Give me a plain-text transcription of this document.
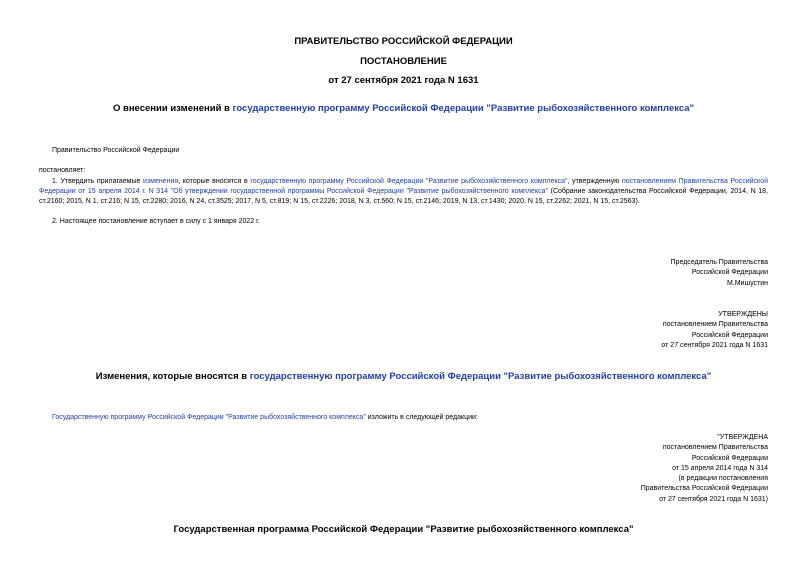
ПРАВИТЕЛЬСТВО РОССИЙСКОЙ ФЕДЕРАЦИИ
ПОСТАНОВЛЕНИЕ
от 27 сентября 2021 года N 1631
О внесении изменений в государственную программу Российской Федерации "Развитие рыбохозяйственного комплекса"
Правительство Российской Федерации
постановляет:
1. Утвердить прилагаемые изменения, которые вносятся в государственную программу Российской Федерации "Развитие рыбохозяйственного комплекса", утвержденную постановлением Правительства Российской Федерации от 15 апреля 2014 г. N 314 "Об утверждении государственной программы Российской Федерации "Развитие рыбохозяйственного комплекса" (Собрание законодательства Российской Федерации, 2014, N 18, ст.2160; 2015, N 1, ст.216; N 15, ст.2280; 2016, N 24, ст.3525; 2017, N 5, ст.819; N 15, ст.2226; 2018, N 3, ст.560; N 15, ст.2146; 2019, N 13, ст.1430; 2020, N 15, ст.2262; 2021, N 15, ст.2563).
2. Настоящее постановление вступает в силу с 1 января 2022 г.
Председатель Правительства
Российской Федерации
М.Мишустин
УТВЕРЖДЕНЫ
постановлением Правительства
Российской Федерации
от 27 сентября 2021 года N 1631
Изменения, которые вносятся в государственную программу Российской Федерации "Развитие рыбохозяйственного комплекса"
Государственную программу Российской Федерации "Развитие рыбохозяйственного комплекса" изложить в следующей редакции:
"УТВЕРЖДЕНА
постановлением Правительства
Российской Федерации
от 15 апреля 2014 года N 314
(в редакции постановления
Правительства Российской Федерации
от 27 сентября 2021 года N 1631)
Государственная программа Российской Федерации "Развитие рыбохозяйственного комплекса"
